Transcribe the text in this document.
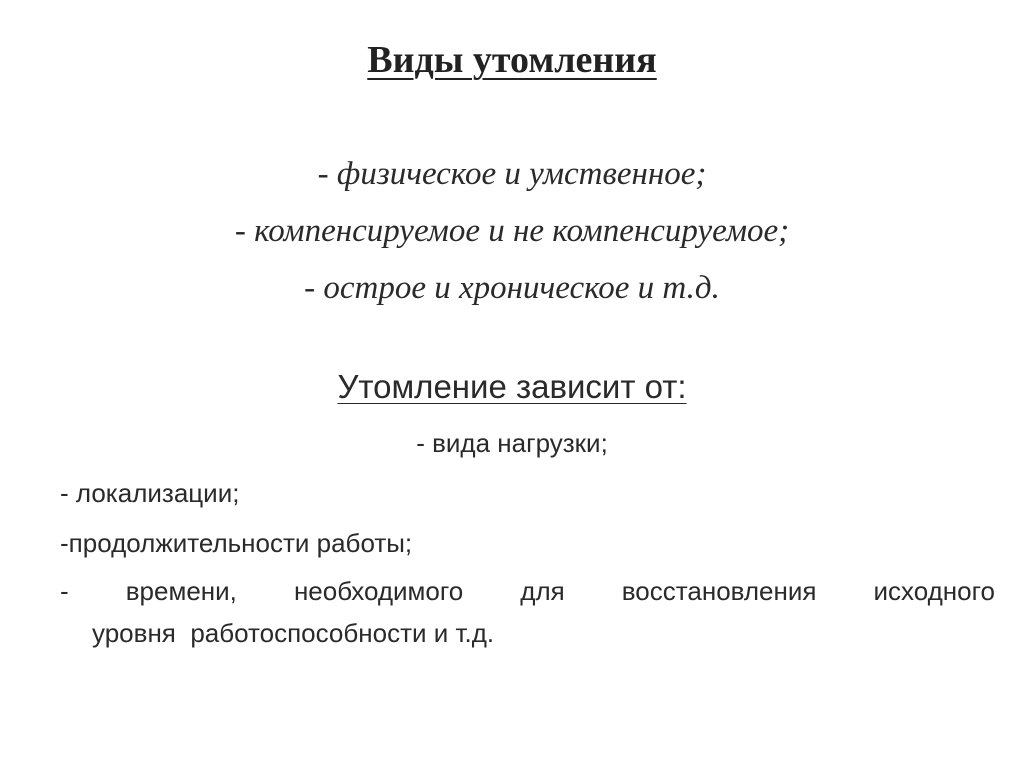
Виды утомления
- физическое и умственное;
- компенсируемое и не компенсируемое;
- острое и хроническое и т.д.
Утомление зависит от:
- вида нагрузки;
- локализации;
-продолжительности работы;
- времени, необходимого для восстановления исходного
уровня  работоспособности и т.д.
